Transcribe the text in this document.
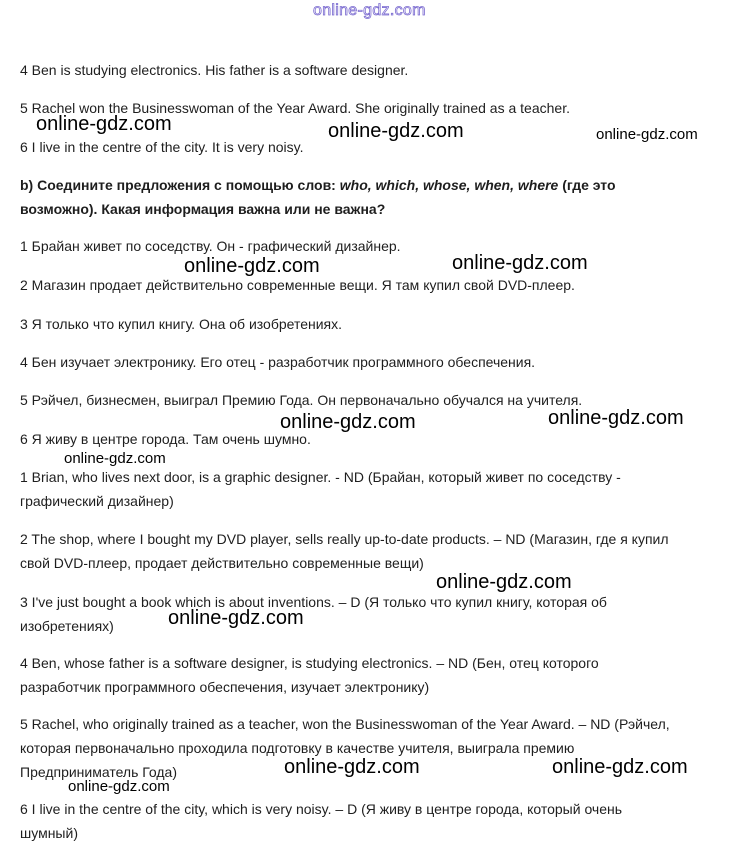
online-gdz.com

4 Ben is studying electronics. His father is a software designer.

5 Rachel won the Businesswoman of the Year Award. She originally trained as a teacher.

online-gdz.com	online-gdz.com	online-gdz.com

6 I live in the centre of the city. It is very noisy.

b) Соедините предложения с помощью слов: who, which, whose, when, where (где это

возможно). Какая информация важна или не важна?

1 Брайан живет по соседству. Он - графический дизайнер.

online-gdz.com	online-gdz.com

2 Магазин продает действительно современные вещи. Я там купил свой DVD-плеер.

3 Я только что купил книгу. Она об изобретениях.

4 Бен изучает электронику. Его отец - разработчик программного обеспечения.

5 Рэйчел, бизнесмен, выиграл Премию Года. Он первоначально обучался на учителя.

online-gdz.com	online-gdz.com

6 Я живу в центре города. Там очень шумно.

online-gdz.com

1 Brian, who lives next door, is a graphic designer. - ND (Брайан, который живет по соседству -

графический дизайнер)

2 The shop, where I bought my DVD player, sells really up-to-date products. – ND (Магазин, где я купил

свой DVD-плеер, продает действительно современные вещи)

online-gdz.com

3 I've just bought a book which is about inventions. – D (Я только что купил книгу, которая об

online-gdz.com

изобретениях)

4 Ben, whose father is a software designer, is studying electronics. – ND (Бен, отец которого

разработчик программного обеспечения, изучает электронику)

5 Rachel, who originally trained as a teacher, won the Businesswoman of the Year Award. – ND (Рэйчел,

которая первоначально проходила подготовку в качестве учителя, выиграла премию

Предприниматель Года)	online-gdz.com	online-gdz.com
online-gdz.com

6 I live in the centre of the city, which is very noisy. – D (Я живу в центре города, который очень

шумный)
